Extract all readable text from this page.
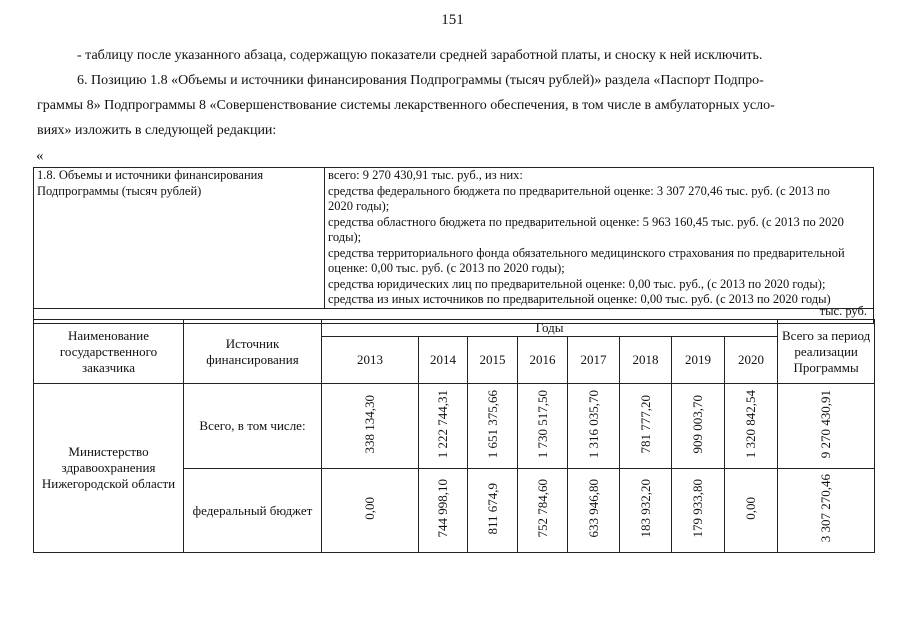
151
- таблицу после указанного абзаца, содержащую показатели средней заработной платы, и сноску к ней исключить.
6. Позицию 1.8 «Объемы и источники финансирования Подпрограммы (тысяч рублей)» раздела «Паспорт Подпро-
граммы 8» Подпрограммы 8 «Совершенствование системы лекарственного обеспечения, в том числе в амбулаторных усло-
виях» изложить в следующей редакции:
«
1.8. Объемы и источники финансирования
Подпрограммы (тысяч рублей)

всего: 9 270 430,91 тыс. руб., из них:
средства федерального бюджета по предварительной оценке: 3 307 270,46 тыс. руб. (с 2013 по
2020 годы);
средства областного бюджета по предварительной оценке: 5 963 160,45 тыс. руб. (с 2013 по 2020
годы);
средства территориального фонда обязательного медицинского страхования по предварительной
оценке: 0,00 тыс. руб. (с 2013 по 2020 годы);
средства юридических лиц по предварительной оценке: 0,00 тыс. руб., (с 2013 по 2020 годы);
средства из иных источников по предварительной оценке: 0,00 тыс. руб. (с 2013 по 2020 годы)

тыс. руб.
Наименование государственного заказчика	Источник финансирования	Годы								Всего за период реализации Программы

		2013	2014	2015	2016	2017	2018	2019	2020	

Министерство здравоохранения Нижегородской области	Всего, в том числе:	338 134,30	1 222 744,31	1 651 375,66	1 730 517,50	1 316 035,70	781 777,20	909 003,70	1 320 842,54	9 270 430,91
	федеральный бюджет	0,00	744 998,10	811 674,9	752 784,60	633 946,80	183 932,20	179 933,80	0,00	3 307 270,46
